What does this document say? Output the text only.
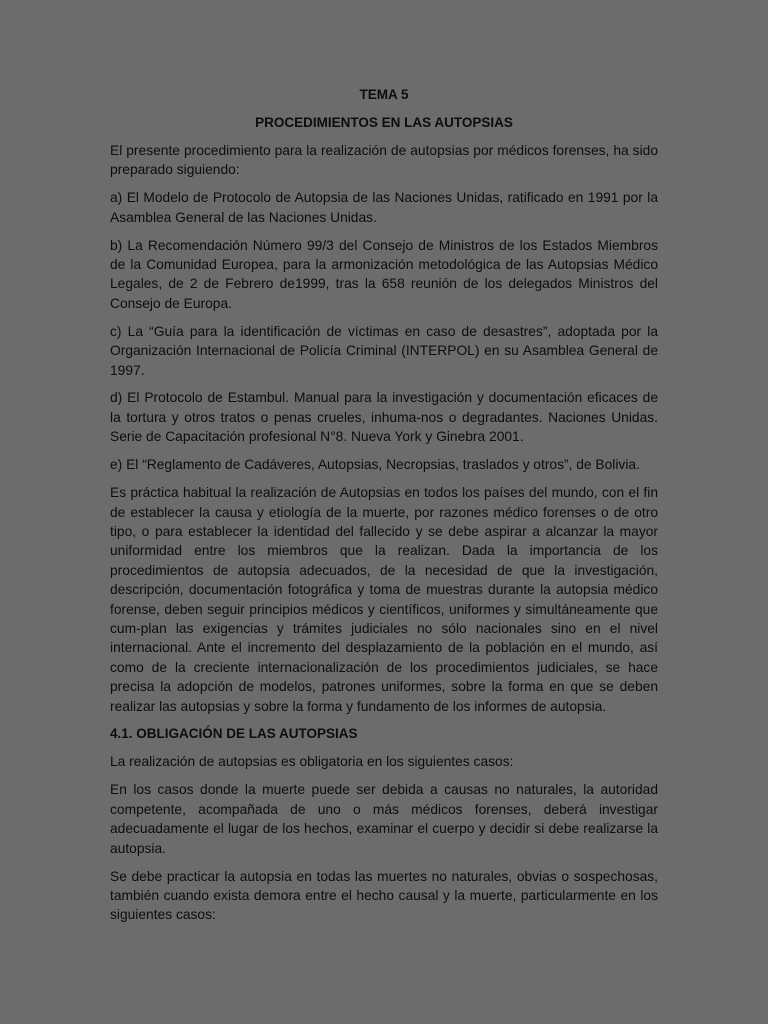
TEMA 5
PROCEDIMIENTOS EN LAS AUTOPSIAS
El presente procedimiento para la realización de autopsias por médicos forenses, ha sido preparado siguiendo:
a) El Modelo de Protocolo de Autopsia de las Naciones Unidas, ratificado en 1991 por la Asamblea General de las Naciones Unidas.
b) La Recomendación Número 99/3 del Consejo de Ministros de los Estados Miembros de la Comunidad Europea, para la armonización metodológica de las Autopsias Médico Legales, de 2 de Febrero de1999, tras la 658 reunión de los delegados Ministros del Consejo de Europa.
c) La “Guía para la identificación de víctimas en caso de desastres”, adoptada por la Organización Internacional de Policía Criminal (INTERPOL) en su Asamblea General de 1997.
d) El Protocolo de Estambul. Manual para la investigación y documentación eficaces de la tortura y otros tratos o penas crueles, inhuma-nos o degradantes. Naciones Unidas. Serie de Capacitación profesional N°8. Nueva York y Ginebra 2001.
e) El “Reglamento de Cadáveres, Autopsias, Necropsias, traslados y otros”, de Bolivia.
Es práctica habitual la realización de Autopsias en todos los países del mundo, con el fin de establecer la causa y etiología de la muerte, por razones médico forenses o de otro tipo, o para establecer la identidad del fallecido y se debe aspirar a alcanzar la mayor uniformidad entre los miembros que la realizan. Dada la importancia de los procedimientos de autopsia adecuados, de la necesidad de que la investigación, descripción, documentación fotográfica y toma de muestras durante la autopsia médico forense, deben seguir principios médicos y científicos, uniformes y simultáneamente que cum-plan las exigencias y trámites judiciales no sólo nacionales sino en el nivel internacional. Ante el incremento del desplazamiento de la población en el mundo, así como de la creciente internacionalización de los procedimientos judiciales, se hace precisa la adopción de modelos, patrones uniformes, sobre la forma en que se deben realizar las autopsias y sobre la forma y fundamento de los informes de autopsia.
4.1. OBLIGACIÓN DE LAS AUTOPSIAS
La realización de autopsias es obligatoria en los siguientes casos:
En los casos donde la muerte puede ser debida a causas no naturales, la autoridad competente, acompañada de uno o más médicos forenses, deberá investigar adecuadamente el lugar de los hechos, examinar el cuerpo y decidir si debe realizarse la autopsia.
Se debe practicar la autopsia en todas las muertes no naturales, obvias o sospechosas, también cuando exista demora entre el hecho causal y la muerte, particularmente en los siguientes casos:
